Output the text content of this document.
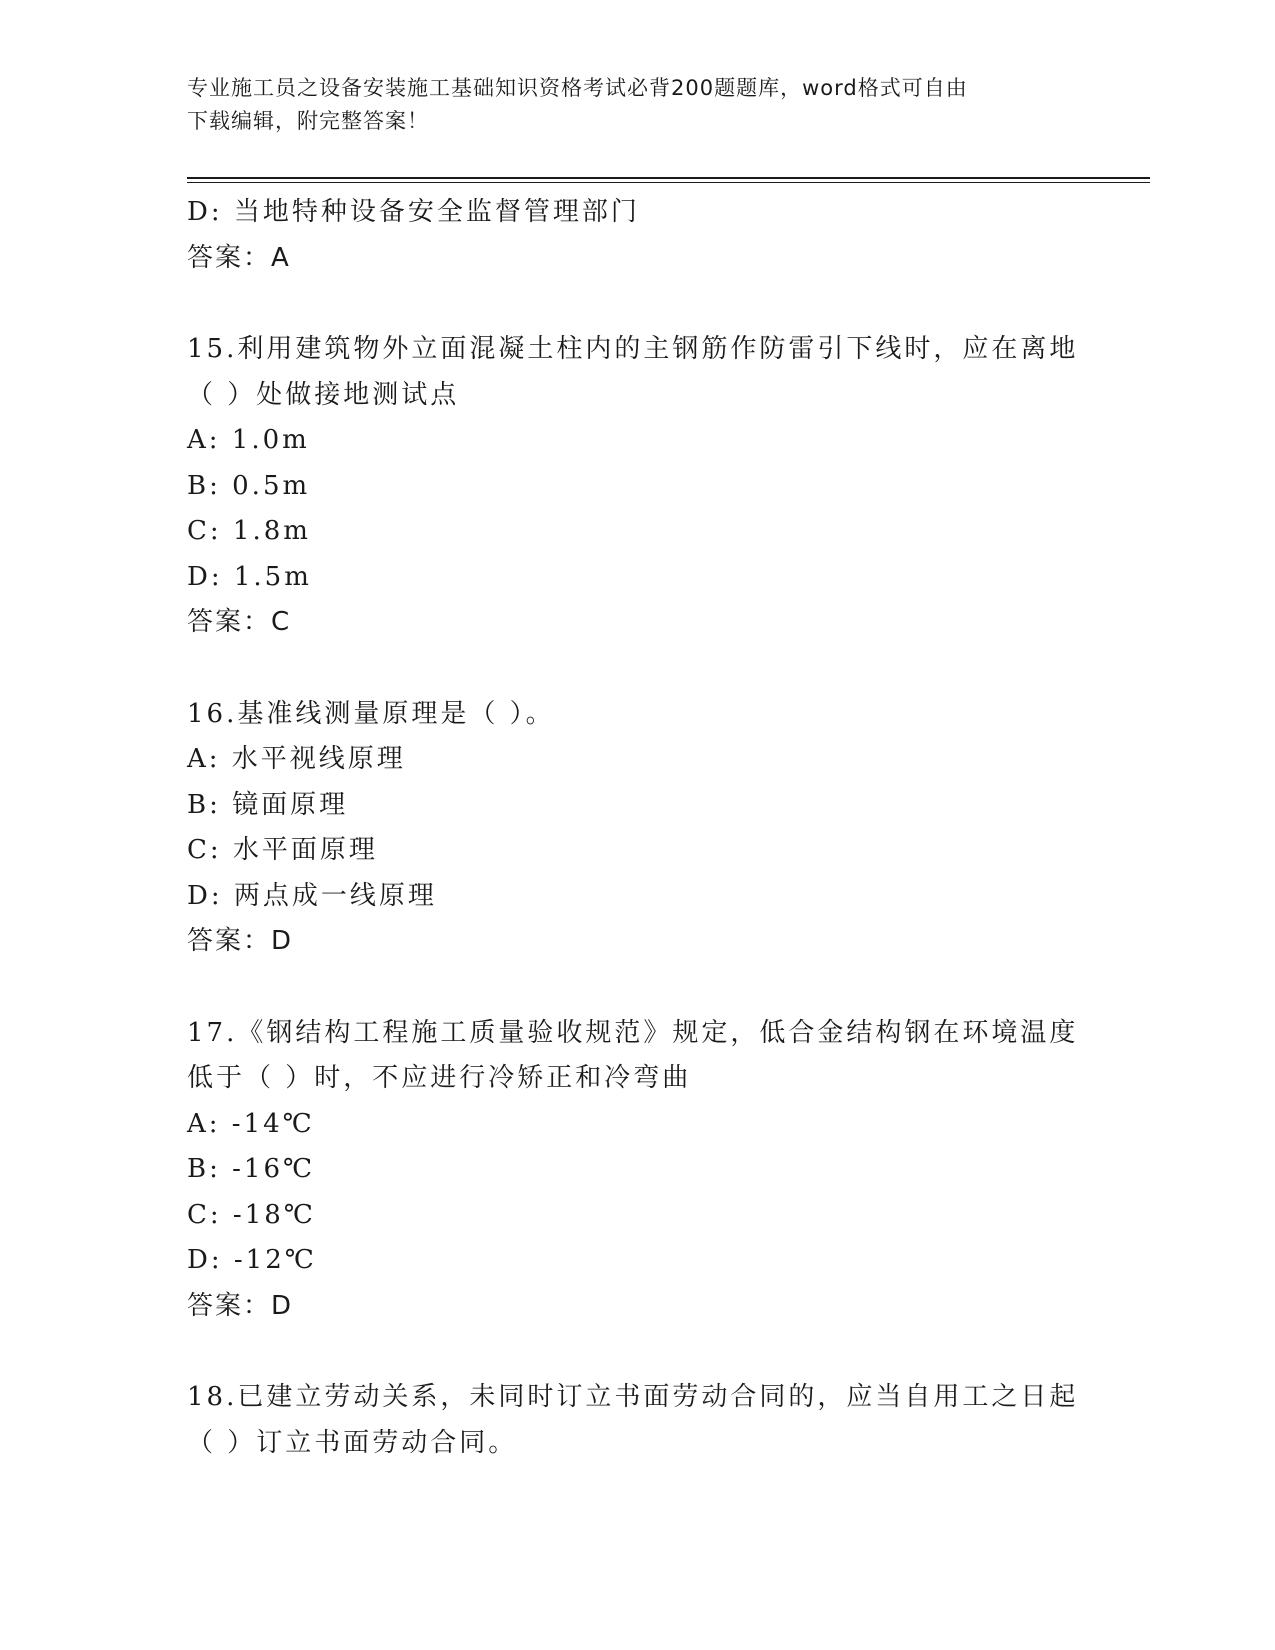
专业施工员之设备安装施工基础知识资格考试必背200题题库，word格式可自由
下载编辑，附完整答案！
D: 当地特种设备安全监督管理部门
答案：A
15.利用建筑物外立面混凝土柱内的主钢筋作防雷引下线时，应在离地
（ ）处做接地测试点
A: 1.0m
B: 0.5m
C: 1.8m
D: 1.5m
答案：C
16.基准线测量原理是（ ）。
A: 水平视线原理
B: 镜面原理
C: 水平面原理
D: 两点成一线原理
答案：D
17.《钢结构工程施工质量验收规范》规定，低合金结构钢在环境温度
低于（ ）时，不应进行冷矫正和冷弯曲
A: -14℃
B: -16℃
C: -18℃
D: -12℃
答案：D
18.已建立劳动关系，未同时订立书面劳动合同的，应当自用工之日起
（ ）订立书面劳动合同。
